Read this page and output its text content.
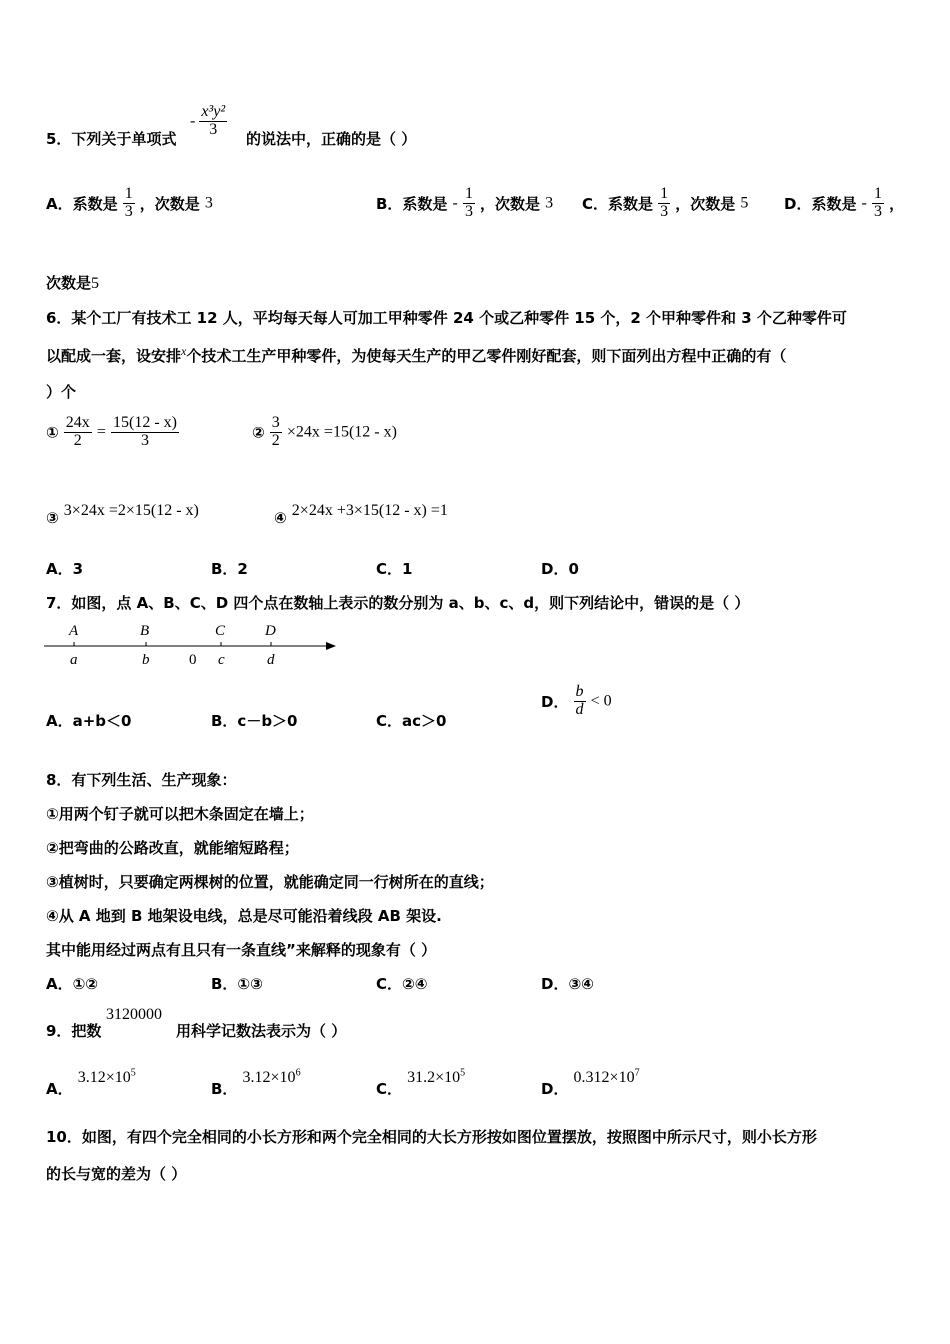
5．下列关于单项式
- $\frac{\text{x³y²}}{3}$
的说法中，正确的是（ ）
A．系数是 $\frac{1}{3}$ ，次数是 3	B．系数是 - $\frac{1}{3}$ ，次数是 3 C．系数是 $\frac{1}{3}$ ，次数是 5 D．系数是 - $\frac{1}{3}$ ，
次数是5
6．某个工厂有技术工 12 人，平均每天每人可加工甲种零件 24 个或乙种零件 15 个，2 个甲种零件和 3 个乙种零件可
以配成一套，设安排$^x$个技术工生产甲种零件，为使每天生产的甲乙零件刚好配套，则下面列出方程中正确的有（
）个
① $\frac{24x}{2} = \frac{15(12 - x)}{3}$	② $\frac{3}{2} \times 24x =15(12 - x)$
③ 3×24x =2×15(12 - x)	④ 2×24x +3×15(12 - x) =1
A．3	B．2	C．1	D．0
7．如图，点 A、B、C、D 四个点在数轴上表示的数分别为 a、b、c、d，则下列结论中，错误的是（ ）
A	B	C	D
a	b	0 c	d
A．a+b＜0	B．c－b＞0	C．ac＞0
D． $\frac{b}{d} < 0$
8．有下列生活、生产现象：
①用两个钉子就可以把木条固定在墙上；
②把弯曲的公路改直，就能缩短路程；
③植树时，只要确定两棵树的位置，就能确定同一行树所在的直线；
④从 A 地到 B 地架设电线，总是尽可能沿着线段 AB 架设.
其中能用经过两点有且只有一条直线”来解释的现象有（ ）
A．①②	B．①③	C．②④	D．③④
9．把数
3120000
用科学记数法表示为（ ）
A． $3.12\times 10^5$
B． $3.12\times 10^6$
C． $31.2\times 10^5$
D． $0.312\times 10^7$
10．如图，有四个完全相同的小长方形和两个完全相同的大长方形按如图位置摆放，按照图中所示尺寸，则小长方形
的长与宽的差为（ ）
